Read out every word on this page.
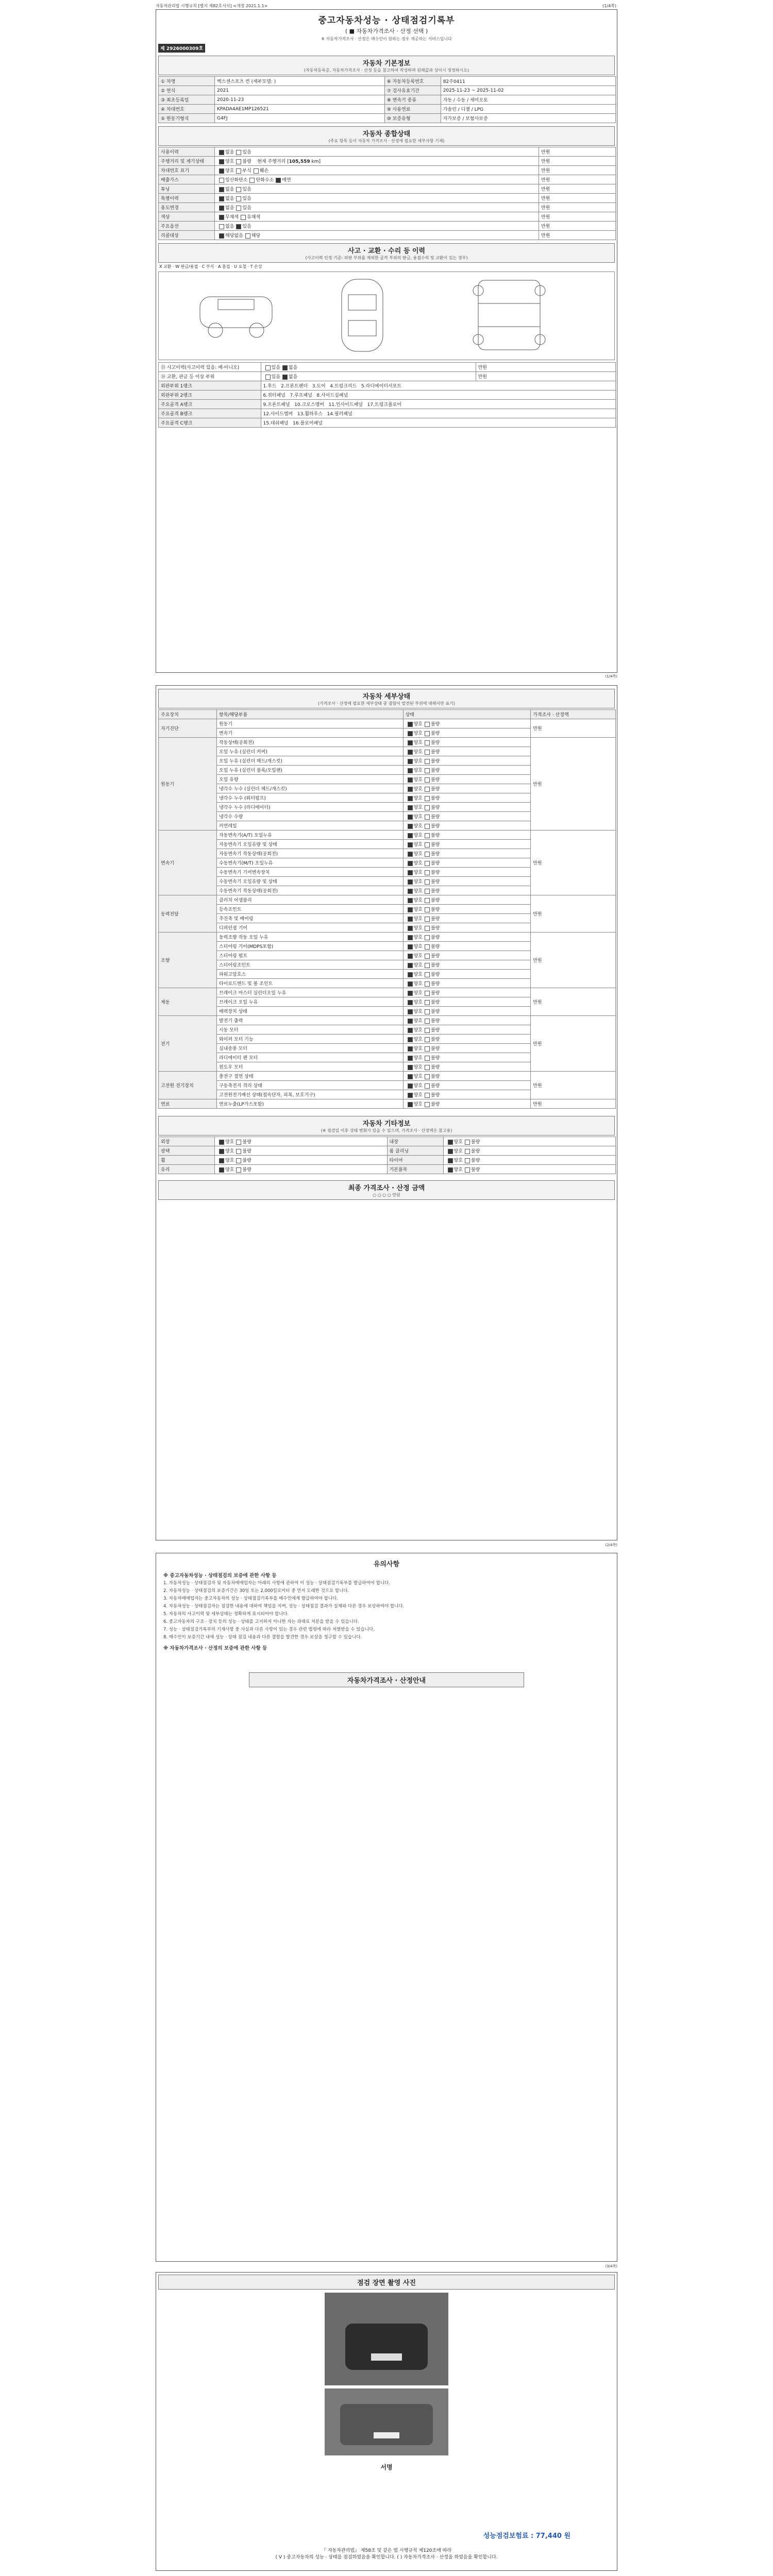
자동차관리법 시행규칙 [별지 제82호서식] <개정 2021.1.1>	(1/4쪽)
중고자동차성능 · 상태점검기록부
( ■ 자동차가격조사 · 산정 선택 )
※ 자동차가격조사 · 산정은 매수인이 원하는 경우 제공하는 서비스입니다
제 2926000309호
자동차 기본정보
(자동차등록증, 자동차가격조사 · 산정 등을 참고하여 작성하며 원래값과 상이시 정정하시오)
① 차명	벡스센스포츠 컨 (세부모델: )	⑥ 자동차등록번호	82주0411
② 연식	2021	⑦ 검사유효기간	2025-11-23 ~ 2025-11-02
③ 최초등록일	2020-11-23	⑧ 변속기 종류	자동 / 수동 / 세미오토
④ 차대번호	KPADA4AE1MP126521	⑨ 사용연료	가솔린 / 디젤 / LPG
⑤ 원동기형식	G4FJ	⑩ 보증유형	자가보증 / 보험사보증
자동차 종합상태
(주요 항목 등이 자동차 가격조사 · 산정에 필요한 세부사항 기재)
사용이력	없음 있음	만원
주행거리 및 계기상태	양호 불량    현재 주행거리 [105,559 km]	만원
차대번호 표기	양호 부식 훼손	만원
배출가스	일산화탄소 탄화수소 매연	만원
튜닝	없음 있음	만원
특별이력	없음 있음	만원
용도변경	없음 있음	만원
색상	무채색 유채색	만원
주요옵션	없음 있음	만원
리콜대상	해당없음 해당	만원
사고 · 교환 · 수리 등 이력
(사고이력 인정 기준: 외판 부위를 제외한 골격 부위의 판금, 용접수리 및 교환이 있는 경우)
X 교환 · W 판금/용접 · C 부식 · A 흠집 · U 요철 · T 손상
⑬ 사고이력(사고이력 있음: 예·아니오)	있음 없음	만원
⑭ 교환, 판금 등 이상 부위	있음 없음	만원
외판부위 1랭크	1.후드   2.프론트펜더   3.도어   4.트렁크리드   5.라디에이터서포트	
외판부위 2랭크	6.쿼터패널   7.루프패널   8.사이드실패널	
주요골격 A랭크	9.프론트패널   10.크로스멤버   11.인사이드패널   17.트렁크플로어	
주요골격 B랭크	12.사이드멤버   13.휠하우스   14.필러패널	
주요골격 C랭크	15.대쉬패널   16.플로어패널	
(1/4쪽)
자동차 세부상태
(가격조사 · 산정에 필요한 세부상태 중 결함이 발견된 부위에 대해서만 표기)
주요장치	항목/해당부품	상태	가격조사 · 산정액
자기진단	원동기	양호 불량	만원
	변속기	양호 불량	
원동기	작동상태(공회전)	양호 불량	만원
	오일 누유 (실린더 커버)	양호 불량	
	오일 누유 (실린더 헤드/개스킷)	양호 불량	
	오일 누유 (실린더 블록/오일팬)	양호 불량	
	오일 유량	양호 불량	
	냉각수 누수 (실린더 헤드/개스킷)	양호 불량	
	냉각수 누수 (워터펌프)	양호 불량	
	냉각수 누수 (라디에이터)	양호 불량	
	냉각수 수량	양호 불량	
	커먼레일	양호 불량	
변속기	자동변속기(A/T) 오일누유	양호 불량	만원
	자동변속기 오일유량 및 상태	양호 불량	
	자동변속기 작동상태(공회전)	양호 불량	
	수동변속기(M/T) 오일누유	양호 불량	
	수동변속기 기어변속장치	양호 불량	
	수동변속기 오일유량 및 상태	양호 불량	
	수동변속기 작동상태(공회전)	양호 불량	
동력전달	클러치 어셈블리	양호 불량	만원
	등속조인트	양호 불량	
	추진축 및 베어링	양호 불량	
	디퍼런셜 기어	양호 불량	
조향	동력조향 작동 오일 누유	양호 불량	만원
	스티어링 기어(MDPS포함)	양호 불량	
	스티어링 펌프	양호 불량	
	스티어링조인트	양호 불량	
	파워고압호스	양호 불량	
	타이로드엔드 및 볼 조인트	양호 불량	
제동	브레이크 마스터 실린더오일 누유	양호 불량	만원
	브레이크 오일 누유	양호 불량	
	배력장치 상태	양호 불량	
전기	발전기 출력	양호 불량	만원
	시동 모터	양호 불량	
	와이퍼 모터 기능	양호 불량	
	실내송풍 모터	양호 불량	
	라디에이터 팬 모터	양호 불량	
	윈도우 모터	양호 불량	
고전원 전기장치	충전구 절연 상태	양호 불량	만원
	구동축전지 격리 상태	양호 불량	
	고전원전기배선 상태(접속단자, 피복, 보호기구)	양호 불량	
연료	연료누출(LP가스포함)	양호 불량	만원
자동차 기타정보
(※ 점검일 이후 상태 변화가 있을 수 있으며, 가격조사 · 산정액은 참고용)
외장	양호 불량	내장	양호 불량
광택	양호 불량	룸 클리닝	양호 불량
휠	양호 불량	타이어	양호 불량
유리	양호 불량	기본품목	양호 불량
최종 가격조사 · 산정 금액
○ ○ ○ ○ 만원
(2/4쪽)
유의사항
※ 중고자동차성능 · 상태점검의 보증에 관한 사항 등
1. 자동차성능 · 상태점검자 및 자동차매매업자는 아래의 사항에 관하여 이 성능 · 상태점검기록부를 발급하여야 합니다.
2. 자동차성능 · 상태점검의 보증기간은 30일 또는 2,000킬로미터 중 먼저 도래한 것으로 합니다.
3. 자동차매매업자는 중고자동차의 성능 · 상태점검기록부를 매수인에게 발급하여야 합니다.
4. 자동차성능 · 상태점검자는 점검한 내용에 대하여 책임을 지며, 성능 · 상태점검 결과가 실제와 다른 경우 보상하여야 합니다.
5. 자동차의 사고이력 및 세부상태는 정확하게 표시되어야 합니다.
6. 중고자동차의 구조 · 장치 등의 성능 · 상태를 고지하지 아니한 자는 과태료 처분을 받을 수 있습니다.
7. 성능 · 상태점검기록부의 기재사항 중 사실과 다른 사항이 있는 경우 관련 법령에 따라 처벌받을 수 있습니다.
8. 매수인이 보증기간 내에 성능 · 상태 점검 내용과 다른 결함을 발견한 경우 보상을 청구할 수 있습니다.
※ 자동차가격조사 · 산정의 보증에 관한 사항 등
자동차가격조사 · 산정안내
(3/4쪽)
점검 장면 촬영 사진
서명
성능점검보험료 : 77,440 원
『 자동차관리법』 제58조 및 같은 법 시행규칙 제120조에 따라
( V ) 중고자동차의 성능 · 상태를 점검하였음을 확인합니다. ( ) 자동차가격조사 · 산정을 하였음을 확인합니다.
